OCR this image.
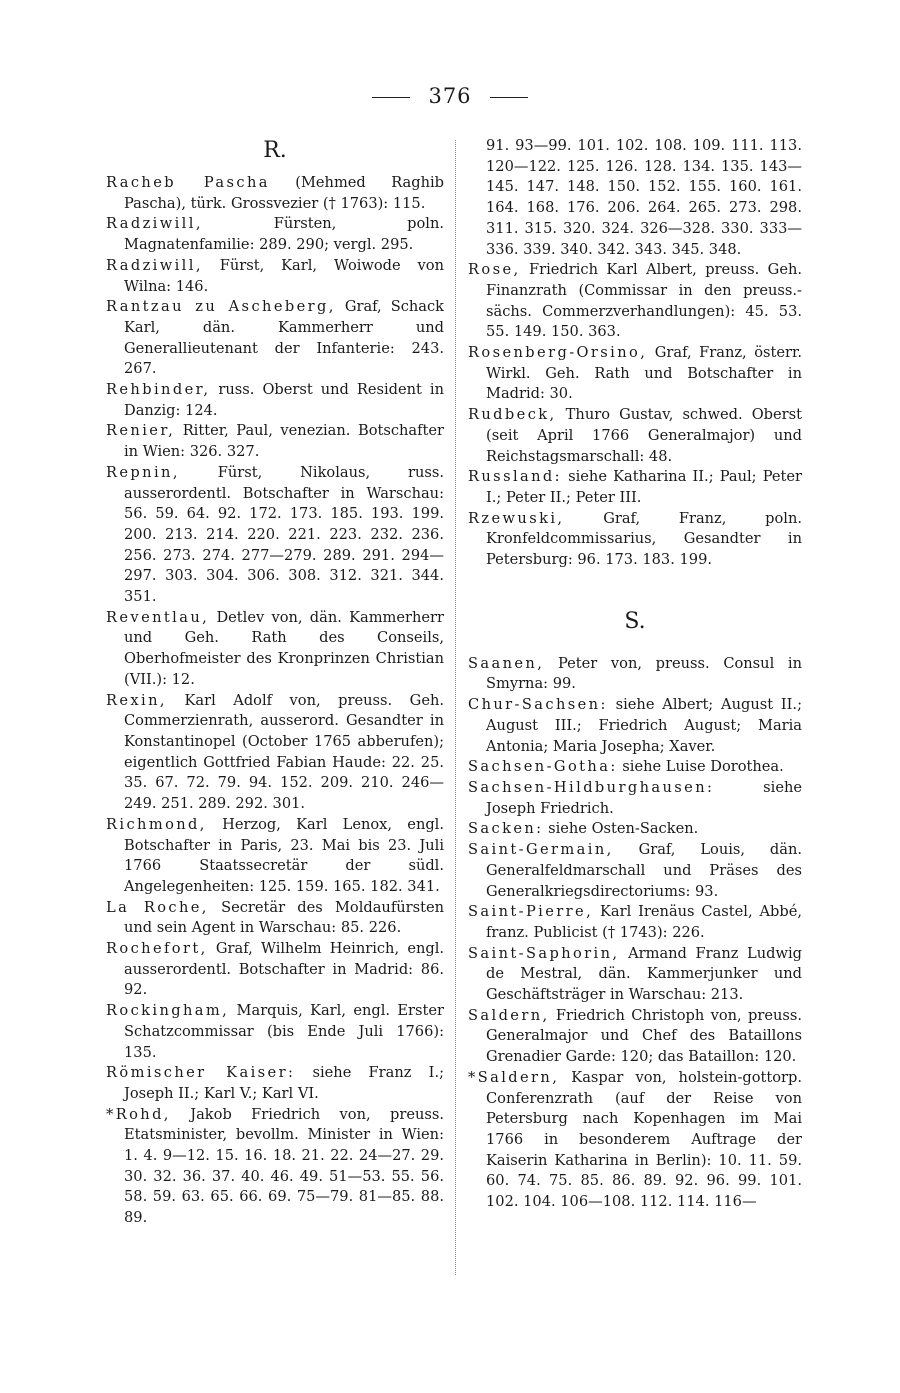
376
R.

Racheb Pascha (Mehmed Raghib Pascha), türk. Grossvezier († 1763): 115.

Radziwill, Fürsten, poln. Magnatenfamilie: 289. 290; vergl. 295.

Radziwill, Fürst, Karl, Woiwode von Wilna: 146.

Rantzau zu Ascheberg, Graf, Schack Karl, dän. Kammerherr und Generallieutenant der Infanterie: 243. 267.

Rehbinder, russ. Oberst und Resident in Danzig: 124.

Renier, Ritter, Paul, venezian. Botschafter in Wien: 326. 327.

Repnin, Fürst, Nikolaus, russ. ausserordentl. Botschafter in Warschau: 56. 59. 64. 92. 172. 173. 185. 193. 199. 200. 213. 214. 220. 221. 223. 232. 236. 256. 273. 274. 277—279. 289. 291. 294—297. 303. 304. 306. 308. 312. 321. 344. 351.

Reventlau, Detlev von, dän. Kammerherr und Geh. Rath des Conseils, Oberhofmeister des Kronprinzen Christian (VII.): 12.

Rexin, Karl Adolf von, preuss. Geh. Commerzienrath, ausserord. Gesandter in Konstantinopel (October 1765 abberufen); eigentlich Gottfried Fabian Haude: 22. 25. 35. 67. 72. 79. 94. 152. 209. 210. 246—249. 251. 289. 292. 301.

Richmond, Herzog, Karl Lenox, engl. Botschafter in Paris, 23. Mai bis 23. Juli 1766 Staatssecretär der südl. Angelegenheiten: 125. 159. 165. 182. 341.

La Roche, Secretär des Moldaufürsten und sein Agent in Warschau: 85. 226.

Rochefort, Graf, Wilhelm Heinrich, engl. ausserordentl. Botschafter in Madrid: 86. 92.

Rockingham, Marquis, Karl, engl. Erster Schatzcommissar (bis Ende Juli 1766): 135.

Römischer Kaiser: siehe Franz I.; Joseph II.; Karl V.; Karl VI.

*Rohd, Jakob Friedrich von, preuss. Etatsminister, bevollm. Minister in Wien: 1. 4. 9—12. 15. 16. 18. 21. 22. 24—27. 29. 30. 32. 36. 37. 40. 46. 49. 51—53. 55. 56. 58. 59. 63. 65. 66. 69. 75—79. 81—85. 88. 89.

91. 93—99. 101. 102. 108. 109. 111. 113. 120—122. 125. 126. 128. 134. 135. 143—145. 147. 148. 150. 152. 155. 160. 161. 164. 168. 176. 206. 264. 265. 273. 298. 311. 315. 320. 324. 326—328. 330. 333—336. 339. 340. 342. 343. 345. 348.

Rose, Friedrich Karl Albert, preuss. Geh. Finanzrath (Commissar in den preuss.-sächs. Commerzverhandlungen): 45. 53. 55. 149. 150. 363.

Rosenberg-Orsino, Graf, Franz, österr. Wirkl. Geh. Rath und Botschafter in Madrid: 30.

Rudbeck, Thuro Gustav, schwed. Oberst (seit April 1766 Generalmajor) und Reichstagsmarschall: 48.

Russland: siehe Katharina II.; Paul; Peter I.; Peter II.; Peter III.

Rzewuski, Graf, Franz, poln. Kronfeldcommissarius, Gesandter in Petersburg: 96. 173. 183. 199.

S.

Saanen, Peter von, preuss. Consul in Smyrna: 99.

Chur-Sachsen: siehe Albert; August II.; August III.; Friedrich August; Maria Antonia; Maria Josepha; Xaver.

Sachsen-Gotha: siehe Luise Dorothea.

Sachsen-Hildburghausen: siehe Joseph Friedrich.

Sacken: siehe Osten-Sacken.

Saint-Germain, Graf, Louis, dän. Generalfeldmarschall und Präses des Generalkriegsdirectoriums: 93.

Saint-Pierre, Karl Irenäus Castel, Abbé, franz. Publicist († 1743): 226.

Saint-Saphorin, Armand Franz Ludwig de Mestral, dän. Kammerjunker und Geschäftsträger in Warschau: 213.

Saldern, Friedrich Christoph von, preuss. Generalmajor und Chef des Bataillons Grenadier Garde: 120; das Bataillon: 120.

*Saldern, Kaspar von, holstein-gottorp. Conferenzrath (auf der Reise von Petersburg nach Kopenhagen im Mai 1766 in besonderem Auftrage der Kaiserin Katharina in Berlin): 10. 11. 59. 60. 74. 75. 85. 86. 89. 92. 96. 99. 101. 102. 104. 106—108. 112. 114. 116—
